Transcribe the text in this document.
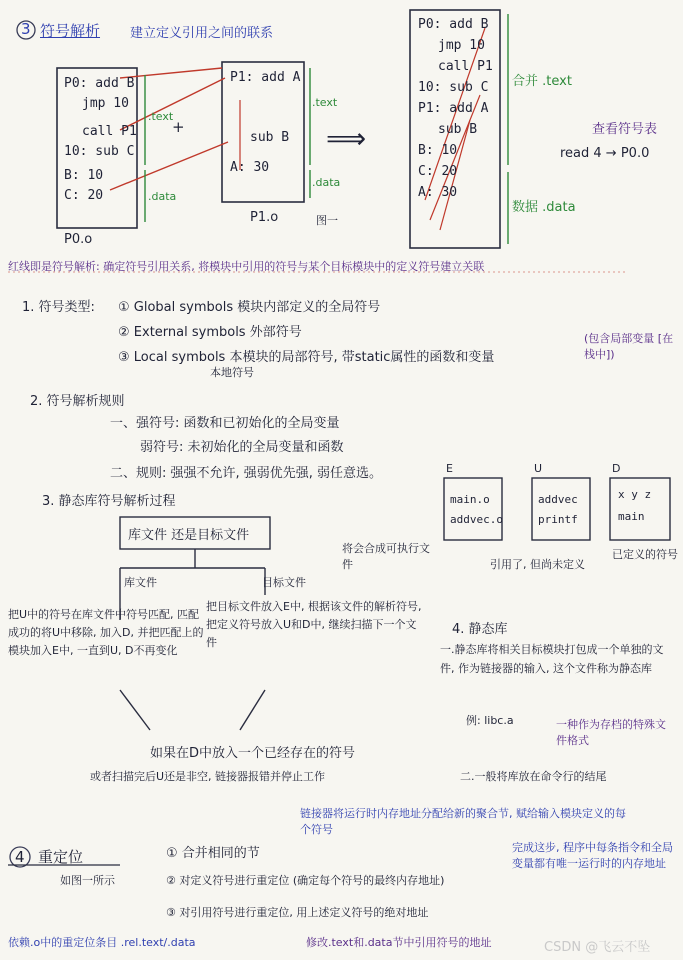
3 符号解析 建立定义引用之间的联系
P0: add B
jmp 10
call P1
10: sub C
B: 10
C: 20
P0.o
.text
.data
+
P1: add A
sub B
A: 30
P1.o
.text
.data
⟹
图一
P0: add B
jmp 10
call P1
10: sub C
P1: add A
sub B
B: 10
C: 20
A: 30
合并 .text
数据 .data
查看符号表
read 4 → P0.0
红线即是符号解析: 确定符号引用关系, 将模块中引用的符号与某个目标模块中的定义符号建立关联
1. 符号类型: ① Global symbols 模块内部定义的全局符号
② External symbols 外部符号
③ Local symbols 本模块的局部符号, 带static属性的函数和变量
本地符号
(包含局部变量 [在栈中])
2. 符号解析规则
一、强符号: 函数和已初始化的全局变量
弱符号: 未初始化的全局变量和函数
二、规则: 强强不允许, 强弱优先强, 弱任意选。
3. 静态库符号解析过程
E	U	D
main.o
addvec.o
addvec
printf
x y z
main
将会合成可执行文件	引用了, 但尚未定义
已定义的符号
库文件 还是目标文件
库文件	目标文件
把U中的符号在库文件中符号匹配, 匹配成功的将U中移除, 加入D, 并把匹配上的模块加入E中, 一直到U, D不再变化
把目标文件放入E中, 根据该文件的解析符号, 把定义符号放入U和D中, 继续扫描下一个文件
如果在D中放入一个已经存在的符号
或者扫描完后U还是非空, 链接器报错并停止工作
4. 静态库
一.静态库将相关目标模块打包成一个单独的文件, 作为链接器的输入, 这个文件称为静态库
例: libc.a	一种作为存档的特殊文件格式
二.一般将库放在命令行的结尾
4 重定位
如图一所示
链接器将运行时内存地址分配给新的聚合节, 赋给输入模块定义的每个符号
① 合并相同的节
② 对定义符号进行重定位 (确定每个符号的最终内存地址)
完成这步, 程序中每条指令和全局变量都有唯一运行时的内存地址
③ 对引用符号进行重定位, 用上述定义符号的绝对地址
依赖.o中的重定位条目 .rel.text/.data	修改.text和.data节中引用符号的地址	CSDN @飞云不坠
